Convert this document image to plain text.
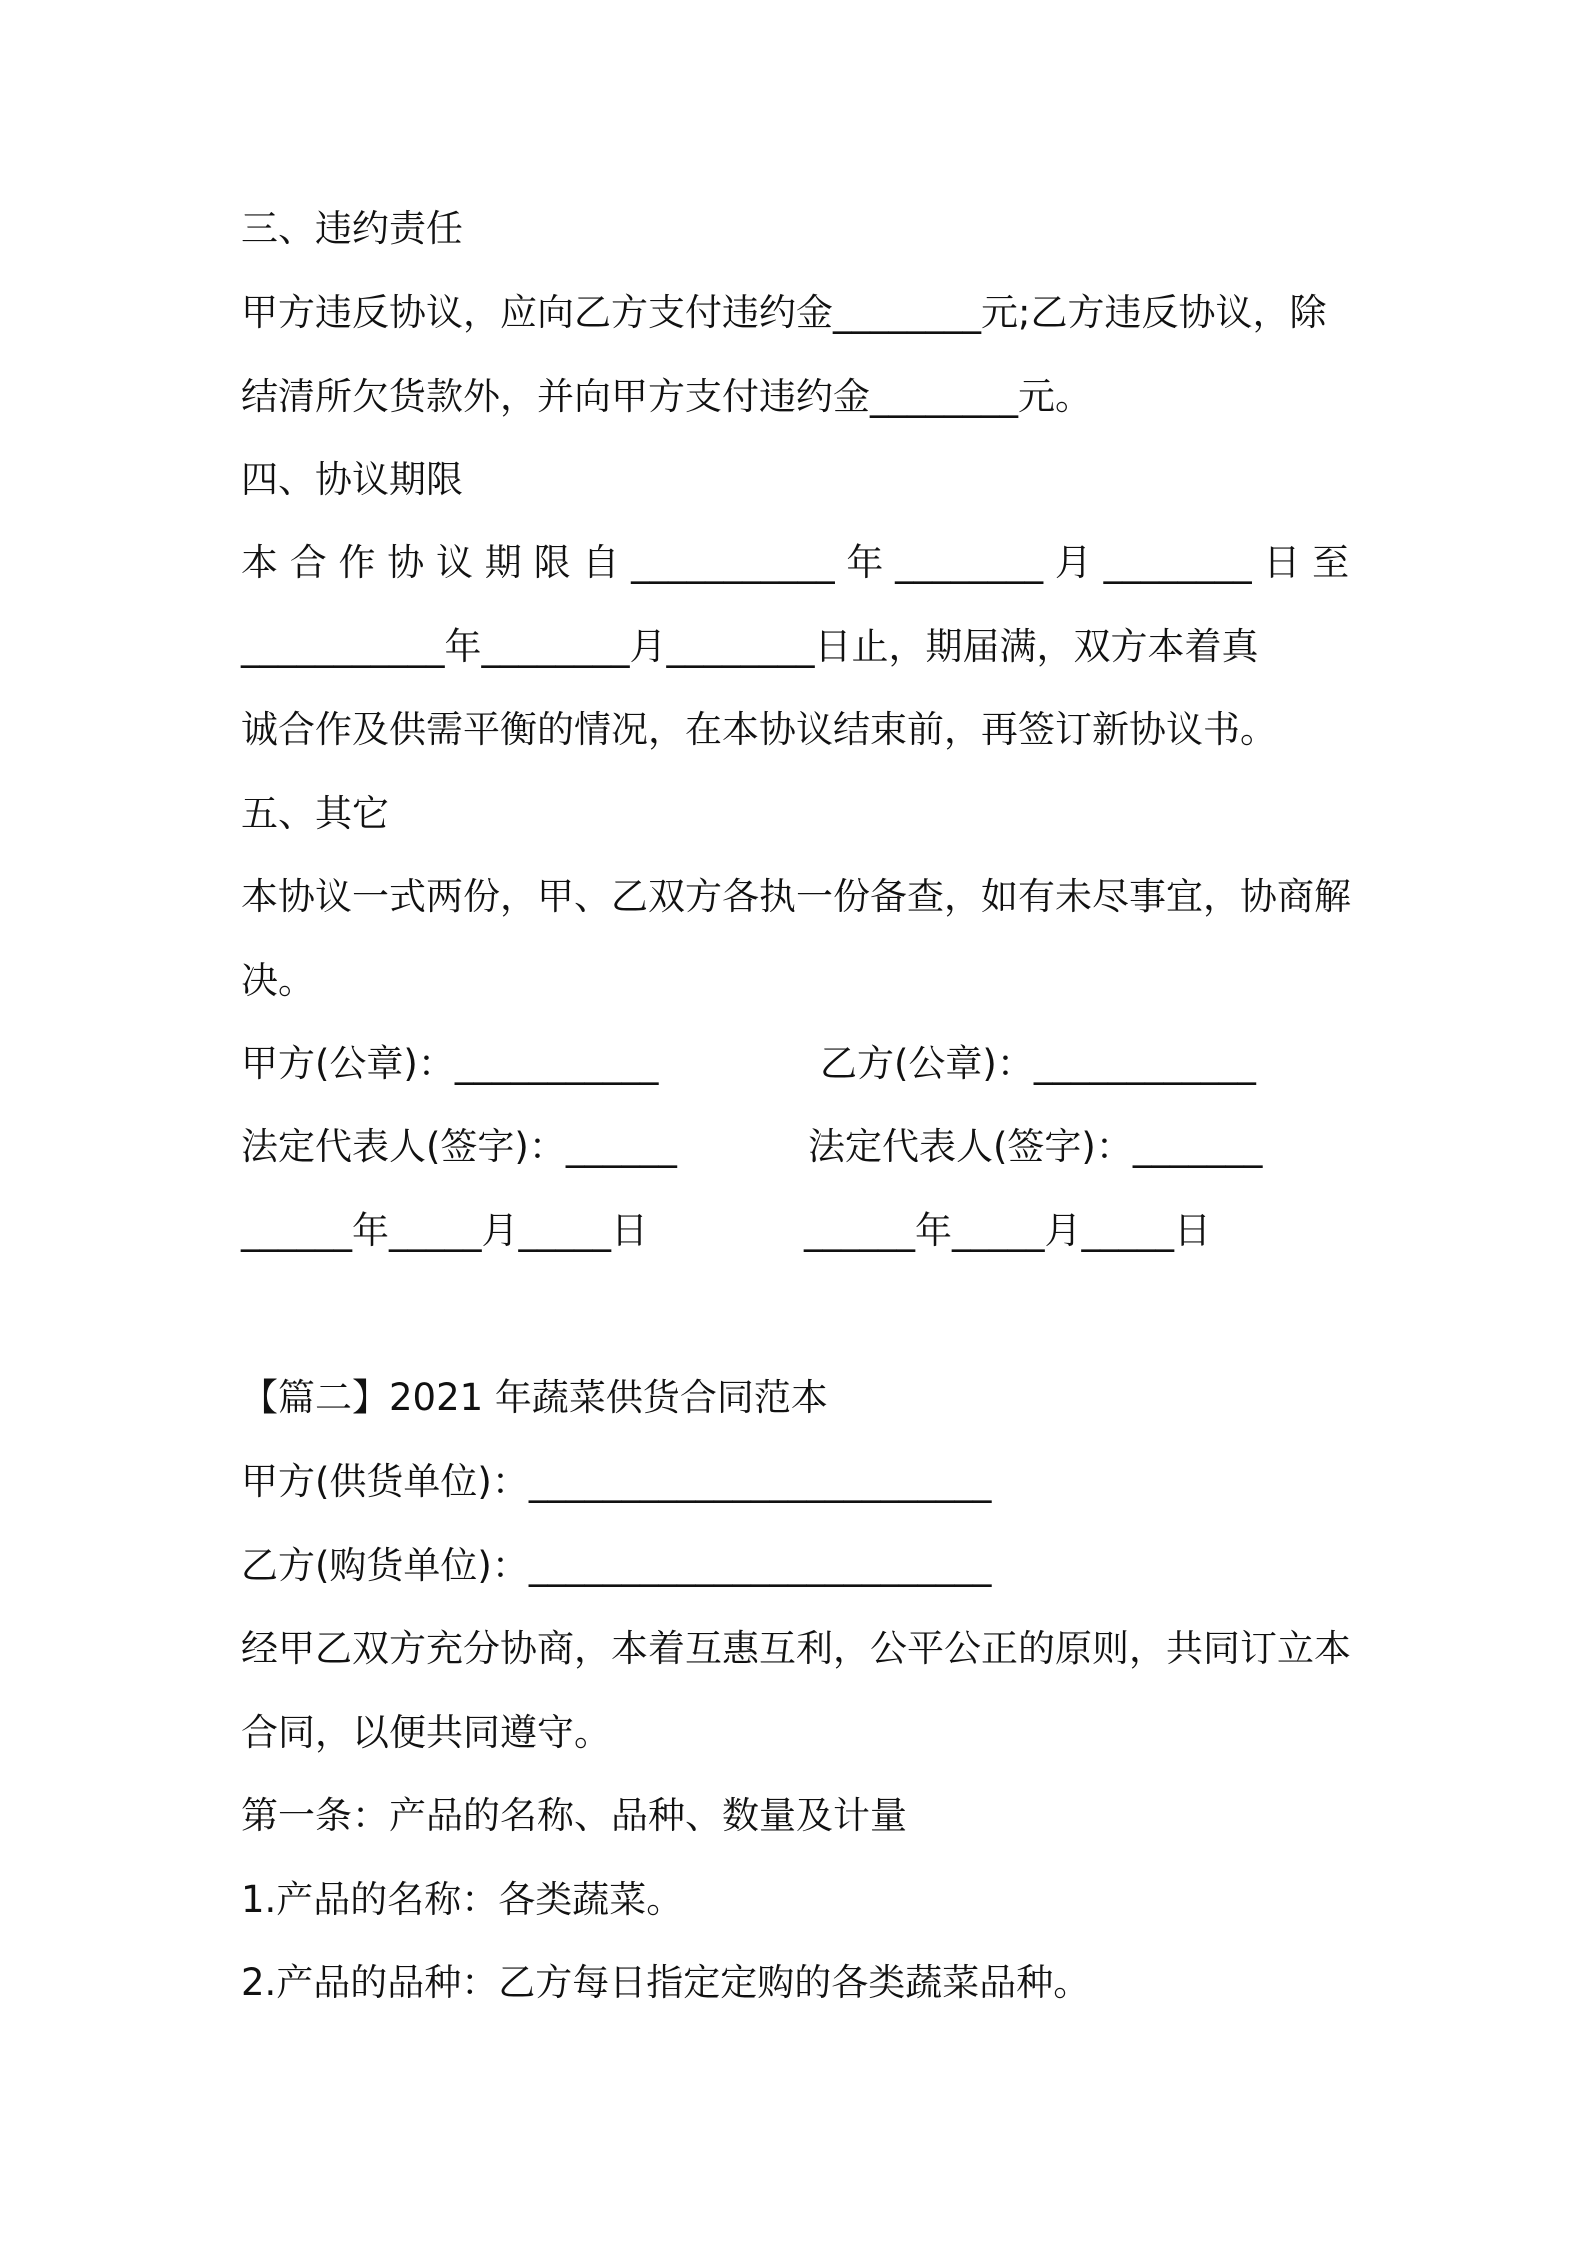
三、违约责任
甲方违反协议，应向乙方支付违约金________元;乙方违反协议，除
结清所欠货款外，并向甲方支付违约金________元。
四、协议期限
本 合 作 协 议 期 限 自 ___________ 年 ________ 月 ________ 日 至
___________年________月________日止，期届满，双方本着真
诚合作及供需平衡的情况，在本协议结束前，再签订新协议书。
五、其它
本协议一式两份，甲、乙双方各执一份备查，如有未尽事宜，协商解
决。
甲方(公章)：___________	乙方(公章)：____________
法定代表人(签字)：______	法定代表人(签字)：_______
______年_____月_____日	______年_____月_____日
【篇二】2021 年蔬菜供货合同范本
甲方(供货单位)：_________________________
乙方(购货单位)：_________________________
经甲乙双方充分协商，本着互惠互利，公平公正的原则，共同订立本
合同，以便共同遵守。
第一条：产品的名称、品种、数量及计量
1.产品的名称：各类蔬菜。
2.产品的品种：乙方每日指定定购的各类蔬菜品种。
